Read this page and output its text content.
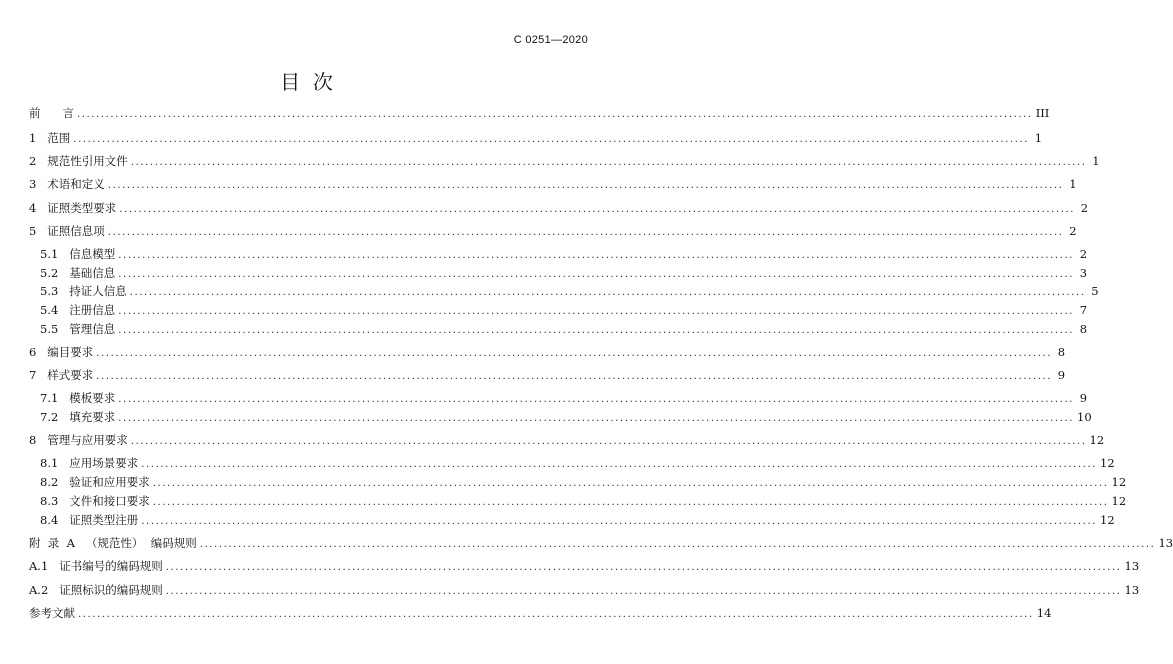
C 0251—2020
目  次
前
言 ........................................................................................................................................................................................................ III
1
范围 ........................................................................................................................................................................................................ 1
2
规范性引用文件 ........................................................................................................................................................................................................ 1
3
术语和定义 ........................................................................................................................................................................................................ 1
4
证照类型要求 ........................................................................................................................................................................................................ 2
5
证照信息项 ........................................................................................................................................................................................................ 2
5.1
信息模型 ........................................................................................................................................................................................................ 2
5.2
基础信息 ........................................................................................................................................................................................................ 3
5.3
持证人信息 ........................................................................................................................................................................................................ 5
5.4
注册信息 ........................................................................................................................................................................................................ 7
5.5
管理信息 ........................................................................................................................................................................................................ 8
6
编目要求 ........................................................................................................................................................................................................ 8
7
样式要求 ........................................................................................................................................................................................................ 9
7.1
模板要求 ........................................................................................................................................................................................................ 9
7.2
填充要求 ........................................................................................................................................................................................................ 10
8
管理与应用要求 ........................................................................................................................................................................................................ 12
8.1
应用场景要求 ........................................................................................................................................................................................................ 12
8.2
验证和应用要求 ........................................................................................................................................................................................................ 12
8.3
文件和接口要求 ........................................................................................................................................................................................................ 12
8.4
证照类型注册 ........................................................................................................................................................................................................ 12
附  录  A
（规范性）  编码规则 ........................................................................................................................................................................................................ 13
A.1
证书编号的编码规则 ........................................................................................................................................................................................................ 13
A.2
证照标识的编码规则 ........................................................................................................................................................................................................ 13
参考文献 ........................................................................................................................................................................................................ 14
